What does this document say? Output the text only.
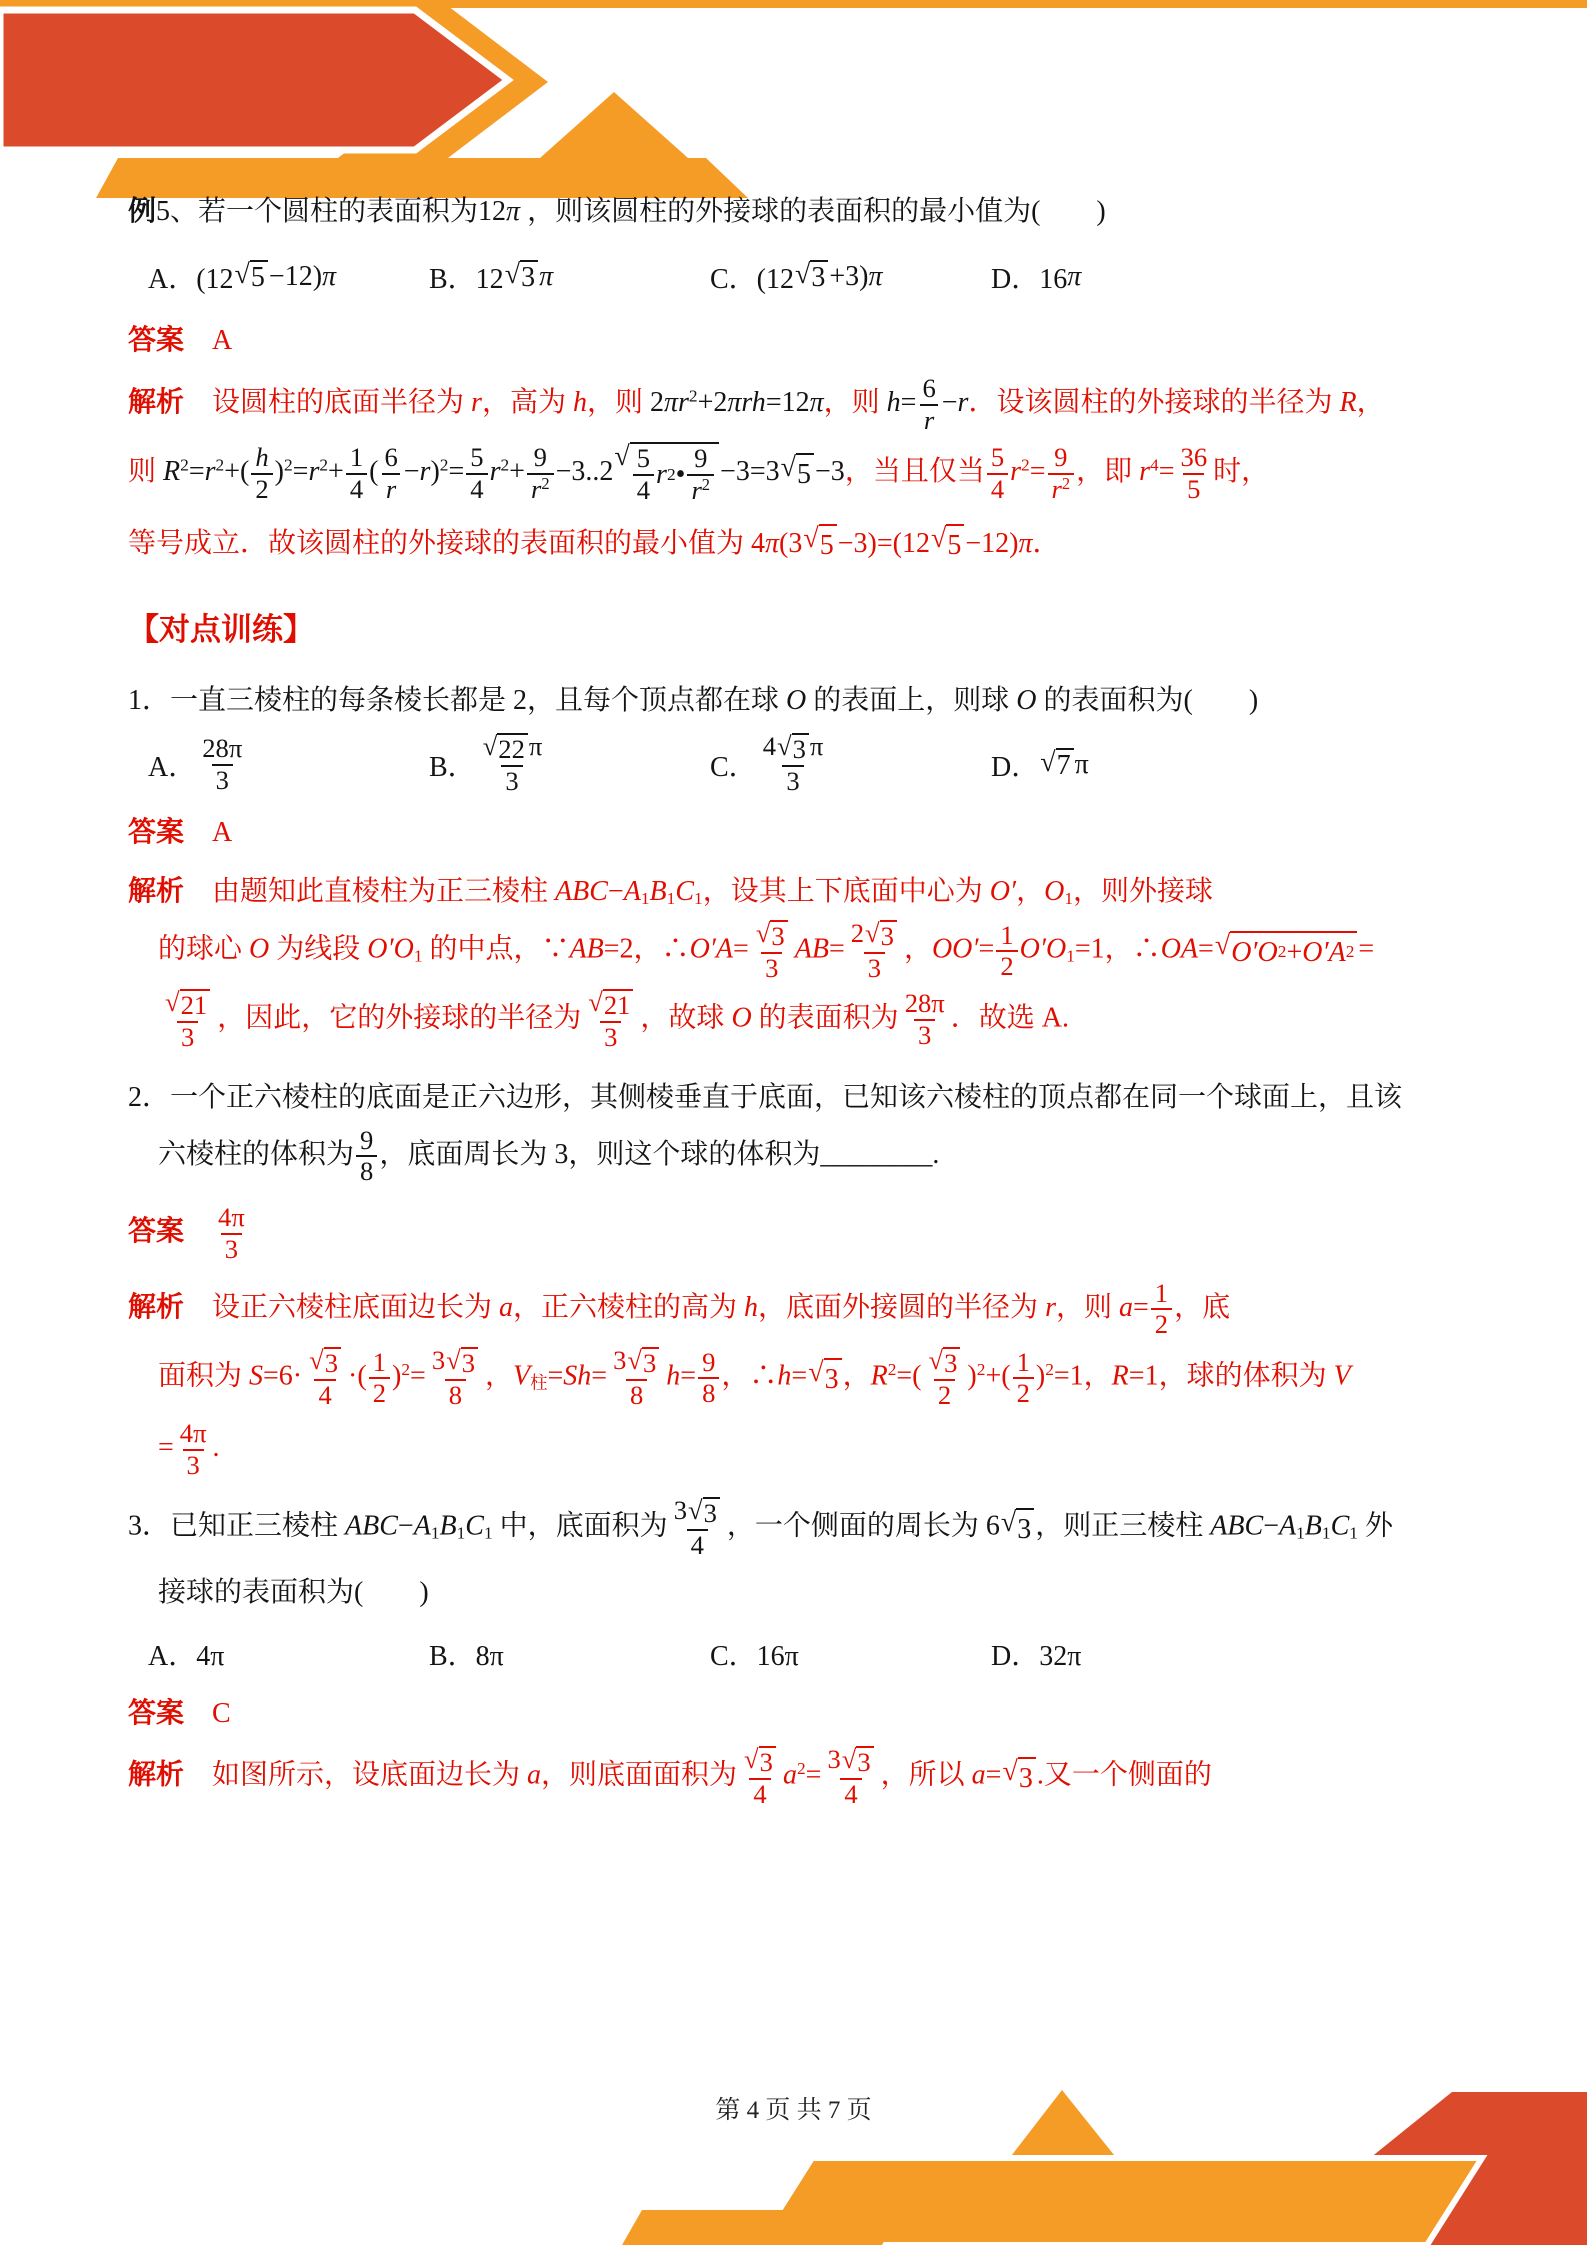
例5、若一个圆柱的表面积为12π ，则该圆柱的外接球的表面积的最小值为(　　)
A．(12 √ 5 −12) π	B．12 √ 3 π	C．(12 √ 3 +3) π	D．16 π
答案　A
解析　设圆柱的底面半径为 r，高为 h，则 $2\pi r^2+2\pi rh=12\pi$，则 $h= \frac{6}{r} -r$．设该圆柱的外接球的半径为 R，
则 $R^2=r^2+( \frac{h}{2} )^2=r^2+ \frac{1}{4}$ ( $\frac{6}{r} -r)^2= \frac{5}{4} r^2+ \frac{9}{r^2} -3..2$ √ $\frac{5}{4}$ r 2 • $\frac{9}{r^2} -3=3$ √ 5 −3，当且仅当 $\frac{5}{4} r^2= \frac{9}{r^2}$ ，即 $r^4= \frac{36}{5}$ 时，
等号成立．故该圆柱的外接球的表面积的最小值为 4π(3 √ 5 −3)=(12 √ 5 −12)π．
【对点训练】
1．一直三棱柱的每条棱长都是 2，且每个顶点都在球 O 的表面上，则球 O 的表面积为(　　)
A． $\frac{28\pi}{3}$	B． $\frac{√ 22 \pi}{3}$	C． $\frac{4 √ 3 \pi}{3}$	D． √ 7 π
答案　A
解析　由题知此直棱柱为正三棱柱 $ABC-A_1B_1C_1$，设其上下底面中心为 O′，$O_1$，则外接球
的球心 O 为线段 $O'O_1$ 的中点，∵AB=2，∴O′A= $\frac{√ 3}{3} AB= \frac{2 √ 3}{3}$ ，$OO'= \frac{1}{2} O'O_1=1$，∴OA= √ O′O 2 + O′A 2 =
$\frac{√ 21}{3}$ ，因此，它的外接球的半径为 $\frac{√ 21}{3}$ ，故球 O 的表面积为 $\frac{28\pi}{3}$ ．故选 A.
2．一个正六棱柱的底面是正六边形，其侧棱垂直于底面，已知该六棱柱的顶点都在同一个球面上，且该
六棱柱的体积为 $\frac{9}{8}$ ，底面周长为 3，则这个球的体积为________.
答案　 $\frac{4\pi}{3}$
解析　设正六棱柱底面边长为 a，正六棱柱的高为 h，底面外接圆的半径为 r，则 $a= \frac{1}{2}$ ，底
面积为 $S=6\cdot \frac{√ 3}{4}$ ·( $\frac{1}{2} )^2= \frac{3 √ 3}{8}$ ，$V_柱=Sh= \frac{3 √ 3}{8} h= \frac{9}{8}$ ，∴h= √ 3 ，$R^2=( \frac{√ 3}{2} )^2+( \frac{1}{2} )^2=1$，R=1，球的体积为 V
= $\frac{4\pi}{3}$ .
3．已知正三棱柱 $ABC-A_1B_1C_1$ 中，底面积为 $\frac{3 √ 3}{4}$ ，一个侧面的周长为 6 √ 3 ，则正三棱柱 $ABC-A_1B_1C_1$ 外
接球的表面积为(　　)
A．4π	B．8π	C．16π	D．32π
答案　C
解析　如图所示，设底面边长为 a，则底面面积为 $\frac{√ 3}{4} a^2= \frac{3 √ 3}{4}$ ，所以 a= √ 3 .又一个侧面的
第 4 页 共 7 页
